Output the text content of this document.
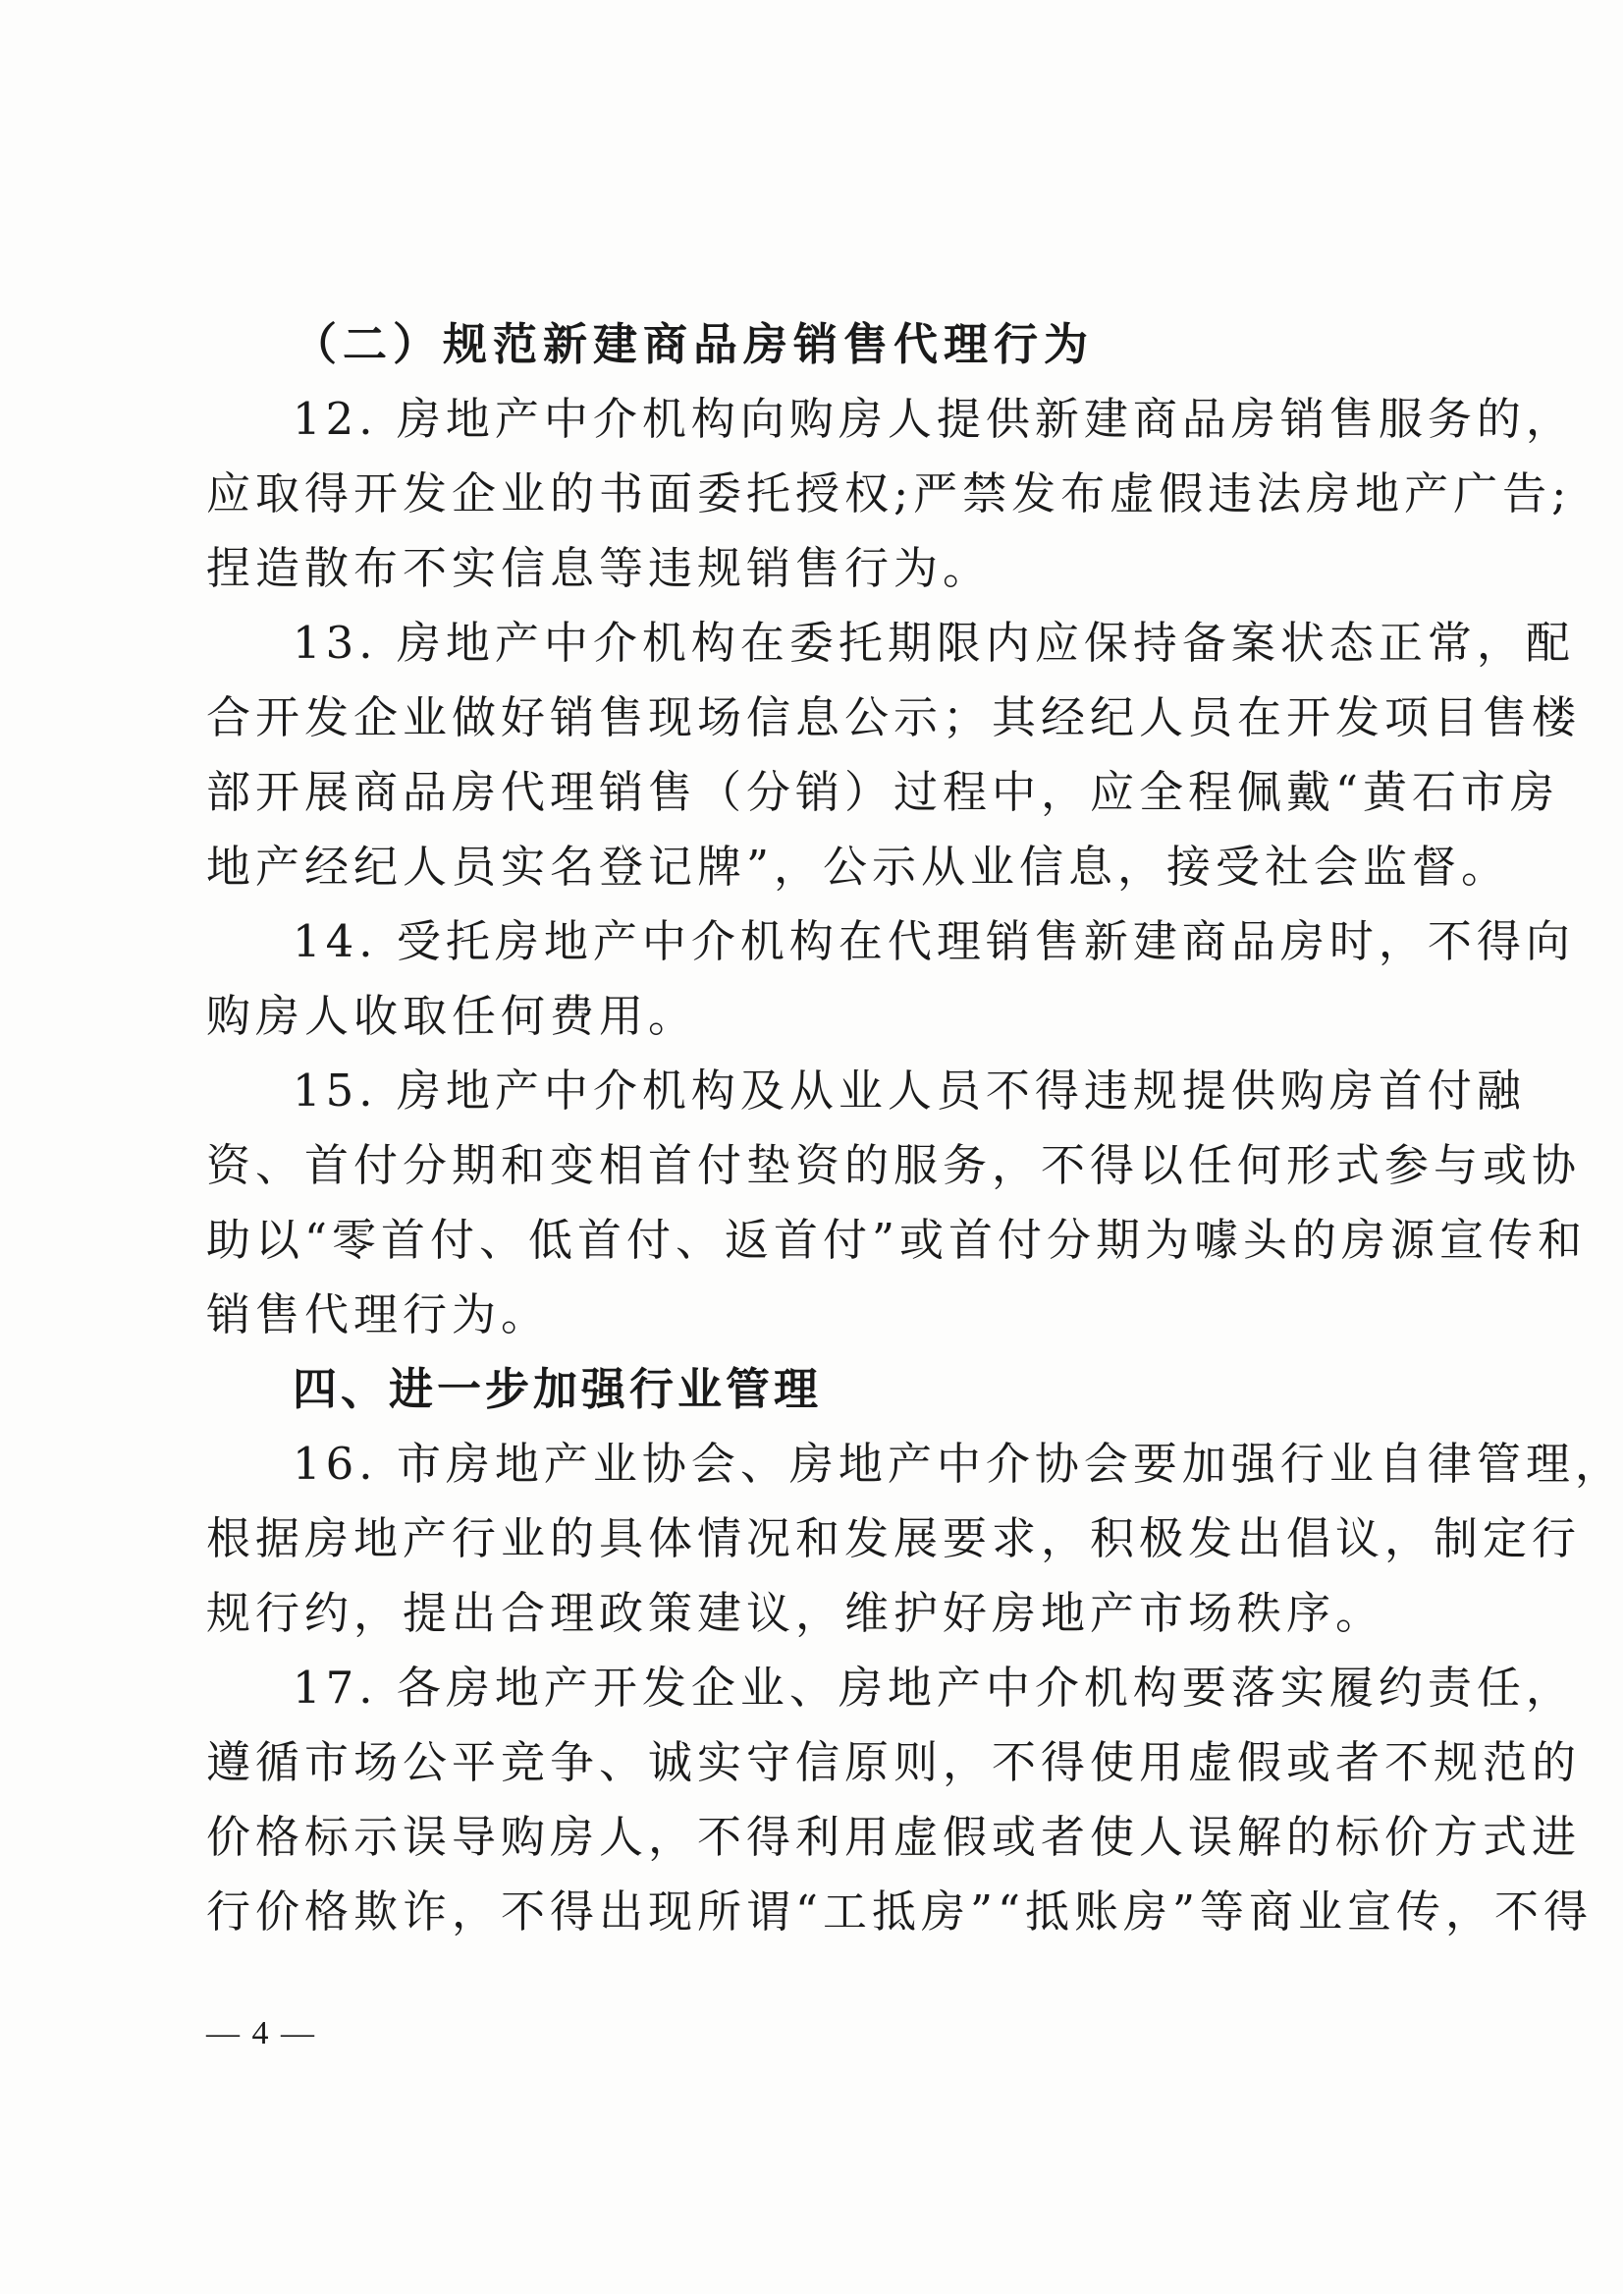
（二）规范新建商品房销售代理行为
12. 房地产中介机构向购房人提供新建商品房销售服务的，
应取得开发企业的书面委托授权;严禁发布虚假违法房地产广告;
捏造散布不实信息等违规销售行为。
13. 房地产中介机构在委托期限内应保持备案状态正常，配
合开发企业做好销售现场信息公示；其经纪人员在开发项目售楼
部开展商品房代理销售（分销）过程中，应全程佩戴“黄石市房
地产经纪人员实名登记牌”，公示从业信息，接受社会监督。
14. 受托房地产中介机构在代理销售新建商品房时，不得向
购房人收取任何费用。
15. 房地产中介机构及从业人员不得违规提供购房首付融
资、首付分期和变相首付垫资的服务，不得以任何形式参与或协
助以“零首付、低首付、返首付”或首付分期为噱头的房源宣传和
销售代理行为。
四、进一步加强行业管理
16. 市房地产业协会、房地产中介协会要加强行业自律管理，
根据房地产行业的具体情况和发展要求，积极发出倡议，制定行
规行约，提出合理政策建议，维护好房地产市场秩序。
17. 各房地产开发企业、房地产中介机构要落实履约责任，
遵循市场公平竞争、诚实守信原则，不得使用虚假或者不规范的
价格标示误导购房人，不得利用虚假或者使人误解的标价方式进
行价格欺诈，不得出现所谓“工抵房”“抵账房”等商业宣传，不得
— 4 —
